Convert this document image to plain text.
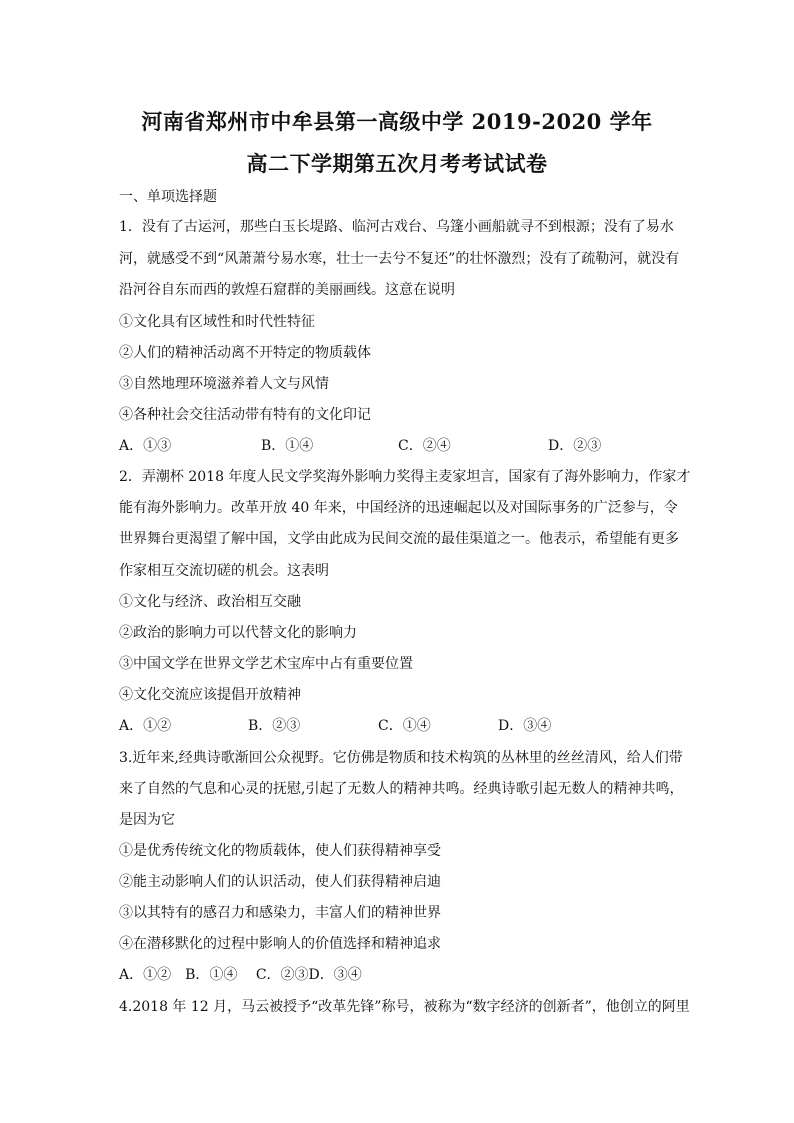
河南省郑州市中牟县第一高级中学 2019-2020 学年
高二下学期第五次月考考试试卷
一、单项选择题
1．没有了古运河，那些白玉长堤路、临河古戏台、乌篷小画船就寻不到根源；没有了易水
河，就感受不到“风萧萧兮易水寒，壮士一去兮不复还”的壮怀激烈；没有了疏勒河，就没有
沿河谷自东而西的敦煌石窟群的美丽画线。这意在说明
①文化具有区域性和时代性特征
②人们的精神活动离不开特定的物质载体
③自然地理环境滋养着人文与风情
④各种社会交往活动带有特有的文化印记
A．①③	B．①④	C．②④	D．②③
2．弄潮杯 2018 年度人民文学奖海外影响力奖得主麦家坦言，国家有了海外影响力，作家才
能有海外影响力。改革开放 40 年来，中国经济的迅速崛起以及对国际事务的广泛参与，令
世界舞台更渴望了解中国，文学由此成为民间交流的最佳渠道之一。他表示，希望能有更多
作家相互交流切磋的机会。这表明
①文化与经济、政治相互交融
②政治的影响力可以代替文化的影响力
③中国文学在世界文学艺术宝库中占有重要位置
④文化交流应该提倡开放精神
A．①②	B．②③	C．①④	D．③④
3.近年来,经典诗歌渐回公众视野。它仿佛是物质和技术构筑的丛林里的丝丝清风，给人们带
来了自然的气息和心灵的抚慰,引起了无数人的精神共鸣。经典诗歌引起无数人的精神共鸣，
是因为它
①是优秀传统文化的物质载体，使人们获得精神享受
②能主动影响人们的认识活动，使人们获得精神启迪
③以其特有的感召力和感染力，丰富人们的精神世界
④在潜移默化的过程中影响人的价值选择和精神追求
A．①②　B．①④　 C．②③D．③④
4.2018 年 12 月，马云被授予“改革先锋”称号，被称为“数字经济的创新者”，他创立的阿里
